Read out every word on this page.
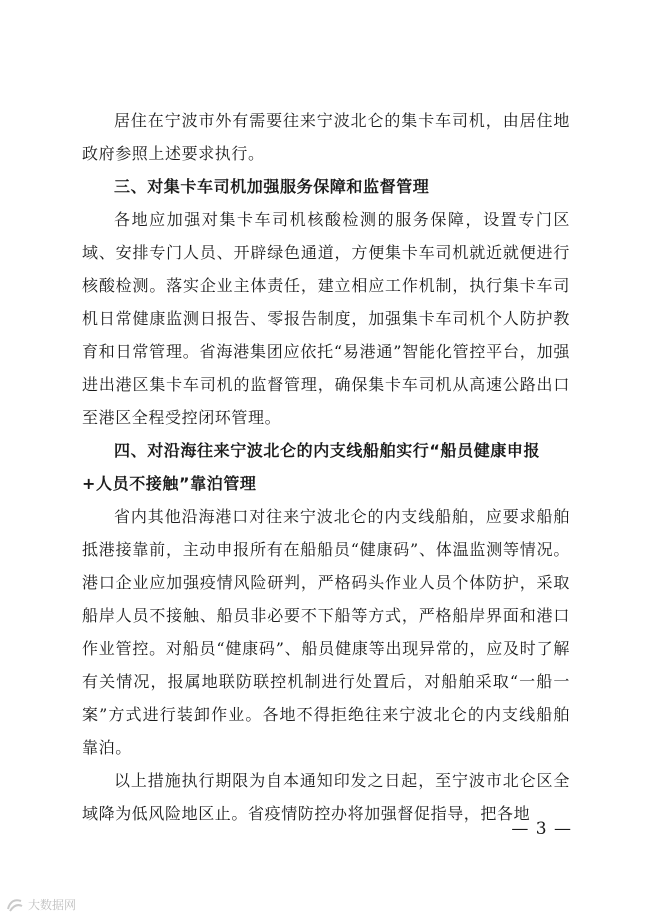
居住在宁波市外有需要往来宁波北仑的集卡车司机，由居住地政府参照上述要求执行。

三、对集卡车司机加强服务保障和监督管理

各地应加强对集卡车司机核酸检测的服务保障，设置专门区域、安排专门人员、开辟绿色通道，方便集卡车司机就近就便进行核酸检测。落实企业主体责任，建立相应工作机制，执行集卡车司机日常健康监测日报告、零报告制度，加强集卡车司机个人防护教育和日常管理。省海港集团应依托“易港通”智能化管控平台，加强进出港区集卡车司机的监督管理，确保集卡车司机从高速公路出口至港区全程受控闭环管理。

四、对沿海往来宁波北仑的内支线船舶实行“船员健康申报+人员不接触”靠泊管理

省内其他沿海港口对往来宁波北仑的内支线船舶，应要求船舶抵港接靠前，主动申报所有在船船员“健康码”、体温监测等情况。港口企业应加强疫情风险研判，严格码头作业人员个体防护，采取船岸人员不接触、船员非必要不下船等方式，严格船岸界面和港口作业管控。对船员“健康码”、船员健康等出现异常的，应及时了解有关情况，报属地联防联控机制进行处置后，对船舶采取“一船一案”方式进行装卸作业。各地不得拒绝往来宁波北仑的内支线船舶靠泊。

以上措施执行期限为自本通知印发之日起，至宁波市北仑区全域降为低风险地区止。省疫情防控办将加强督促指导，把各地

— 3 —
大数据网
